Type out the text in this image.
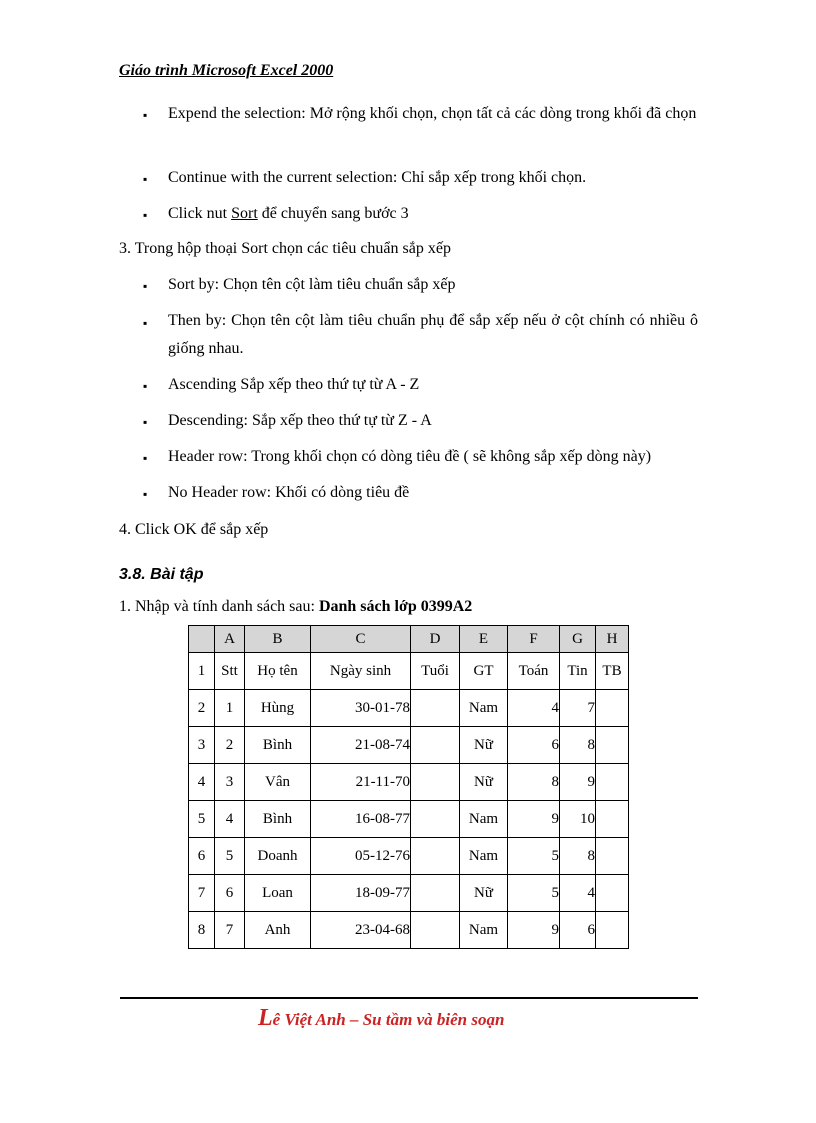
Giáo trình Microsoft Excel 2000
▪ Expend the selection: Mở rộng khối chọn, chọn tất cả các dòng trong khối đã chọn
▪ Continue with the current selection: Chỉ sắp xếp trong khối chọn.
▪ Click nut Sort để chuyển sang bước 3
3. Trong hộp thoại Sort chọn các tiêu chuẩn sắp xếp
▪ Sort by: Chọn tên cột làm tiêu chuẩn sắp xếp
▪ Then by: Chọn tên cột làm tiêu chuẩn phụ để sắp xếp nếu ở cột chính có nhiều ô giống nhau.
▪ Ascending Sắp xếp theo thứ tự từ A - Z
▪ Descending: Sắp xếp theo thứ tự từ Z - A
▪ Header row: Trong khối chọn có dòng tiêu đề ( sẽ không sắp xếp dòng này)
▪ No Header row: Khối có dòng tiêu đề
4. Click OK để sắp xếp
3.8. Bài tập
1. Nhập và tính danh sách sau: Danh sách lớp 0399A2
	A	B	C	D	E	F	G	H
1	Stt	Họ tên	Ngày sinh	Tuổi	GT	Toán	Tin	TB
2	1	Hùng	30-01-78		Nam	4	7	
3	2	Bình	21-08-74		Nữ	6	8	
4	3	Vân	21-11-70		Nữ	8	9	
5	4	Bình	16-08-77		Nam	9	10	
6	5	Doanh	05-12-76		Nam	5	8	
7	6	Loan	18-09-77		Nữ	5	4	
8	7	Anh	23-04-68		Nam	9	6	
Lê Việt Anh – Su tầm và biên soạn
